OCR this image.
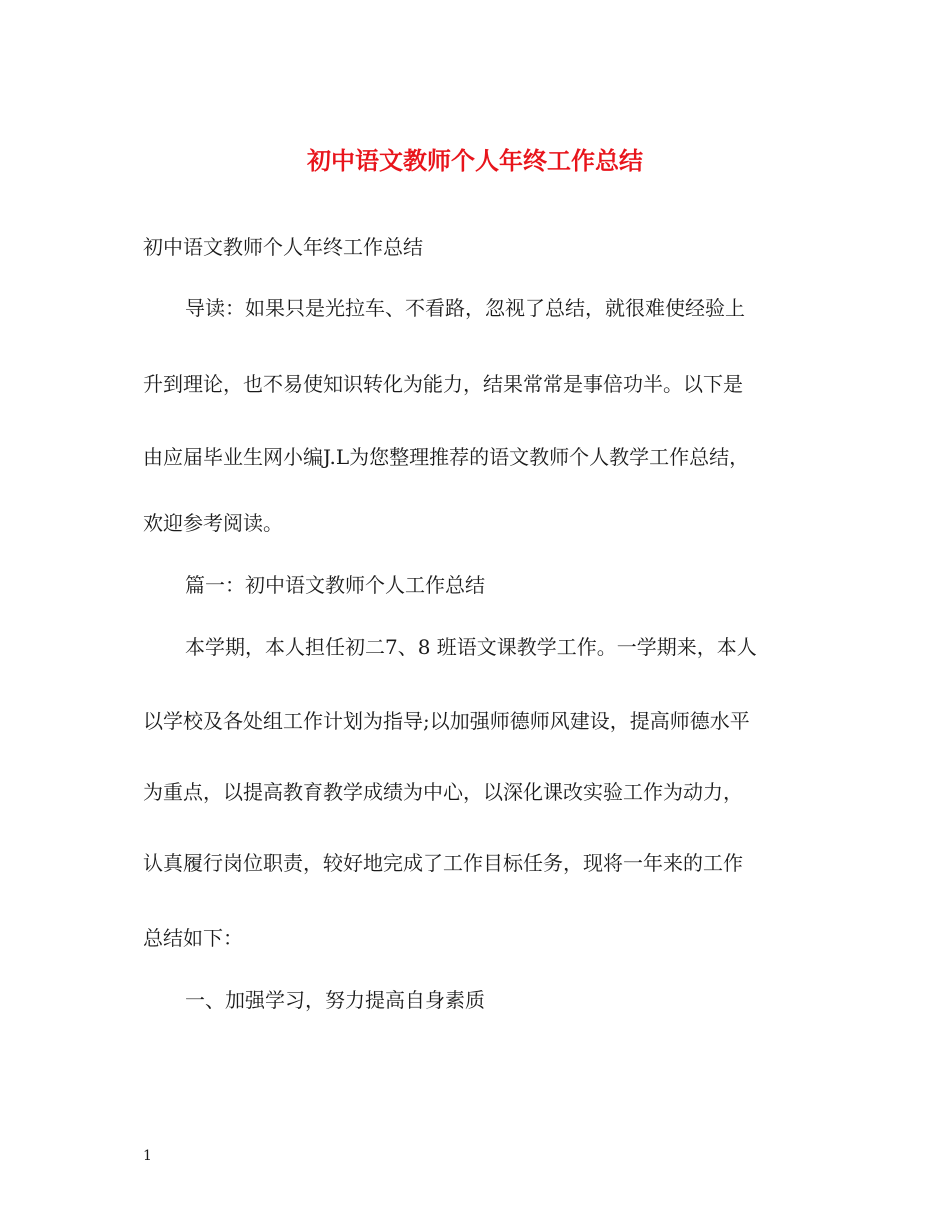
初中语文教师个人年终工作总结

初中语文教师个人年终工作总结

导读：如果只是光拉车、不看路，忽视了总结，就很难使经验上

升到理论，也不易使知识转化为能力，结果常常是事倍功半。以下是

由应届毕业生网小编J.L为您整理推荐的语文教师个人教学工作总结，

欢迎参考阅读。

篇一：初中语文教师个人工作总结

本学期，本人担任初二7、8 班语文课教学工作。一学期来，本人

以学校及各处组工作计划为指导;以加强师德师风建设，提高师德水平

为重点，以提高教育教学成绩为中心，以深化课改实验工作为动力，

认真履行岗位职责，较好地完成了工作目标任务，现将一年来的工作

总结如下：

一、加强学习，努力提高自身素质

1
